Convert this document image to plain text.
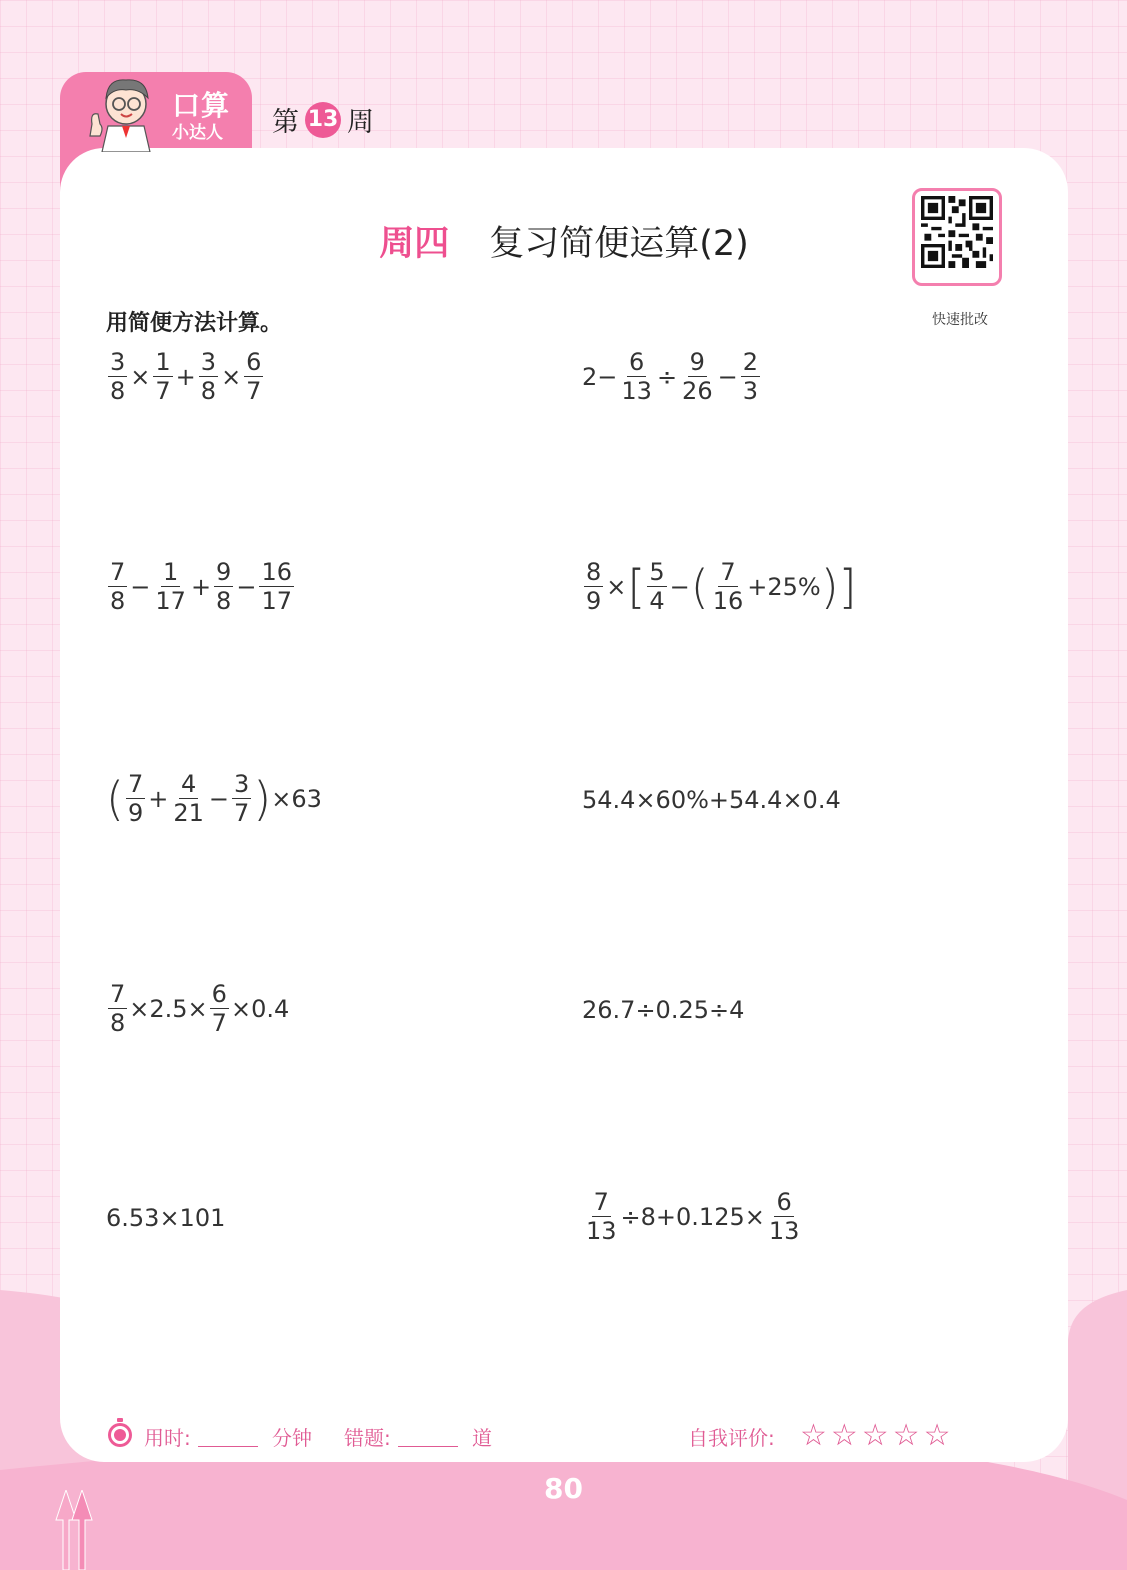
口算
小达人 第 13 周
周四 复习简便运算(2)
快速批改
用简便方法计算。
$\frac{3}{8} \times \frac{1}{7} + \frac{3}{8} \times \frac{6}{7}$	$2- \frac{6}{13} \div \frac{9}{26} - \frac{2}{3}$
$\frac{7}{8} - \frac{1}{17} + \frac{9}{8} - \frac{16}{17}$	$\frac{8}{9}$ × [ $\frac{5}{4}$ − ( $\frac{7}{16} +25\%$ )]
( $\frac{7}{9} + \frac{4}{21} - \frac{3}{7}$ ) ×63	54.4×60%+54.4×0.4
$\frac{7}{8} \times 2.5\times \frac{6}{7} \times 0.4$	26.7÷0.25÷4
6.53×101	$\frac{7}{13} \div 8+0.125\times \frac{6}{13}$
用时:	分钟 错题:	道	自我评价: ☆☆☆☆☆
80
